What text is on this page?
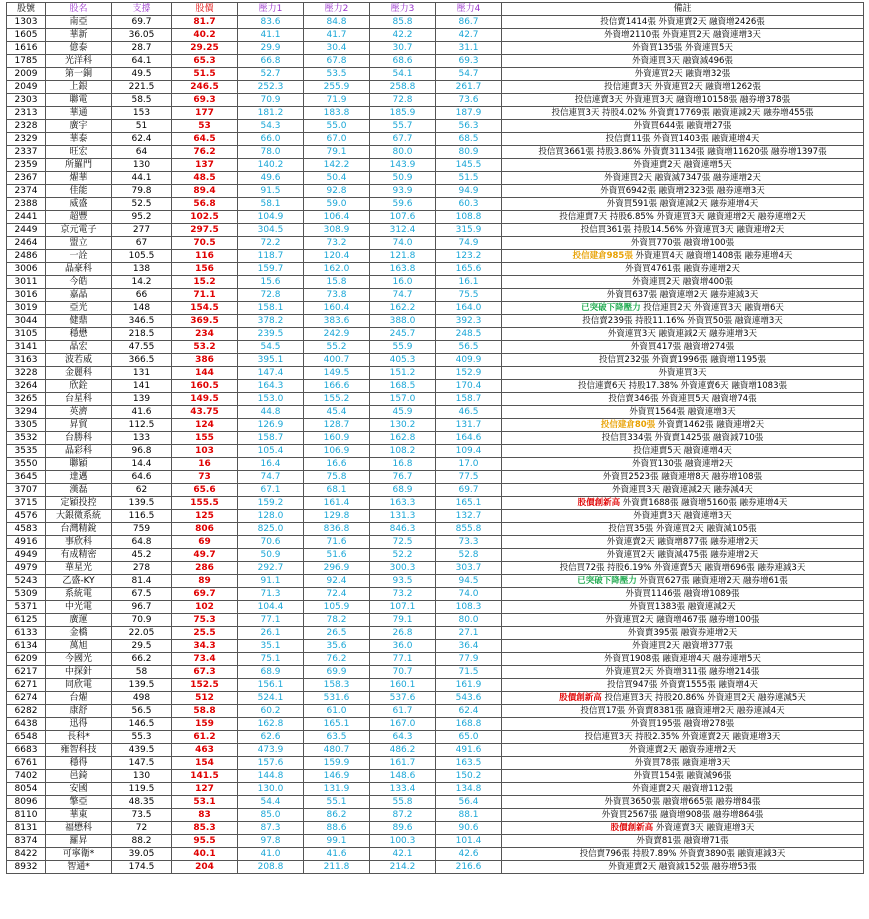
股號	股名	支撐	股價	壓力1	壓力2	壓力3	壓力4	備註
1303	南亞	69.7	81.7	83.6	84.8	85.8	86.7	投信賣1414張 外資連賣2天 融資增2426張
1605	華新	36.05	40.2	41.1	41.7	42.2	42.7	外資增2110張 外資連買2天 融資連增3天
1616	億泰	28.7	29.25	29.9	30.4	30.7	31.1	外資買135張 外資連買5天
1785	光洋科	64.1	65.3	66.8	67.8	68.6	69.3	外資連買3天 融資減496張
2009	第一銅	49.5	51.5	52.7	53.5	54.1	54.7	外資連買2天 融資增32張
2049	上銀	221.5	246.5	252.3	255.9	258.8	261.7	投信連賣3天 外資連買2天 融資增1262張
2303	聯電	58.5	69.3	70.9	71.9	72.8	73.6	投信連賣3天 外資連買3天 融資增10158張 融券增378張
2313	華通	153	177	181.2	183.8	185.9	187.9	投信連買3天 持股4.02% 外資賣17769張 融資連減2天 融券增455張
2328	廣宇	51	53	54.3	55.0	55.7	56.3	外資買644張 融資增27張
2329	華泰	62.4	64.5	66.0	67.0	67.7	68.5	投信賣11張 外資買1403張 融資連增4天
2337	旺宏	64	76.2	78.0	79.1	80.0	80.9	投信買3661張 持股3.86% 外資賣31134張 融資增11620張 融券增1397張
2359	所羅門	130	137	140.2	142.2	143.9	145.5	外資連賣2天 融資連增5天
2367	燿華	44.1	48.5	49.6	50.4	50.9	51.5	外資連買2天 融資減7347張 融券連增2天
2374	佳能	79.8	89.4	91.5	92.8	93.9	94.9	外資買6942張 融資增2323張 融券連增3天
2388	威盛	52.5	56.8	58.1	59.0	59.6	60.3	外資買591張 融資連減2天 融券連增4天
2441	超豐	95.2	102.5	104.9	106.4	107.6	108.8	投信連賣7天 持股6.85% 外資連買3天 融資連增2天 融券連增2天
2449	京元電子	277	297.5	304.5	308.9	312.4	315.9	投信買361張 持股14.56% 外資連買3天 融資連增2天
2464	盟立	67	70.5	72.2	73.2	74.0	74.9	外資買770張 融資增100張
2486	一詮	105.5	116	118.7	120.4	121.8	123.2	投信建倉985張 外資連買4天 融資增1408張 融券連增4天
3006	晶豪科	138	156	159.7	162.0	163.8	165.6	外資買4761張 融資券連增2天
3011	今皓	14.2	15.2	15.6	15.8	16.0	16.1	外資連買2天 融資增400張
3016	嘉晶	66	71.1	72.8	73.8	74.7	75.5	外資買637張 融資連增2天 融券連減3天
3019	亞光	148	154.5	158.1	160.4	162.2	164.0	已突破下降壓力 投信連買2天 外資連買3天 融資增6天
3044	健鼎	346.5	369.5	378.2	383.6	388.0	392.3	投信賣239張 持股11.16% 外資買50張 融資連增3天
3105	穩懋	218.5	234	239.5	242.9	245.7	248.5	外資連買3天 融資連減2天 融券連增3天
3141	晶宏	47.55	53.2	54.5	55.2	55.9	56.5	外資買417張 融資增274張
3163	波若威	366.5	386	395.1	400.7	405.3	409.9	投信買232張 外資賣1996張 融資增1195張
3228	金麗科	131	144	147.4	149.5	151.2	152.9	外資連買3天
3264	欣銓	141	160.5	164.3	166.6	168.5	170.4	投信連賣6天 持股17.38% 外資連賣6天 融資增1083張
3265	台星科	139	149.5	153.0	155.2	157.0	158.7	投信賣346張 外資連買5天 融資增74張
3294	英濟	41.6	43.75	44.8	45.4	45.9	46.5	外資買1564張 融資連增3天
3305	昇貿	112.5	124	126.9	128.7	130.2	131.7	投信建倉80張 外資賣1462張 融資連增2天
3532	台勝科	133	155	158.7	160.9	162.8	164.6	投信買334張 外資賣1425張 融資減710張
3535	晶彩科	96.8	103	105.4	106.9	108.2	109.4	投信連賣5天 融資連增4天
3550	聯穎	14.4	16	16.4	16.6	16.8	17.0	外資買130張 融資連增2天
3645	達邁	64.6	73	74.7	75.8	76.7	77.5	外資買2523張 融資連增8天 融券增108張
3707	漢磊	62	65.6	67.1	68.1	68.9	69.7	外資連買3天 融資連減2天 融券減4天
3715	定穎投控	139.5	155.5	159.2	161.4	163.3	165.1	股價創新高 外資賣1688張 融資增5160張 融券連增4天
4576	大銀微系統	116.5	125	128.0	129.8	131.3	132.7	外資連賣3天 融資連增3天
4583	台灣精銳	759	806	825.0	836.8	846.3	855.8	投信買35張 外資連買2天 融資減105張
4916	事欣科	64.8	69	70.6	71.6	72.5	73.3	外資連賣2天 融資增877張 融券連增2天
4949	有成精密	45.2	49.7	50.9	51.6	52.2	52.8	外資連買2天 融資減475張 融券連增2天
4979	華星光	278	286	292.7	296.9	300.3	303.7	投信買72張 持股6.19% 外資連賣5天 融資增696張 融券連減3天
5243	乙盛-KY	81.4	89	91.1	92.4	93.5	94.5	已突破下降壓力 外資買627張 融資連增2天 融券增61張
5309	系統電	67.5	69.7	71.3	72.4	73.2	74.0	外資買1146張 融資增1089張
5371	中光電	96.7	102	104.4	105.9	107.1	108.3	外資買1383張 融資連減2天
6125	廣運	70.9	75.3	77.1	78.2	79.1	80.0	外資連買2天 融資增467張 融券增100張
6133	金橋	22.05	25.5	26.1	26.5	26.8	27.1	外資賣395張 融資券連增2天
6134	萬旭	29.5	34.3	35.1	35.6	36.0	36.4	外資連買2天 融資增377張
6209	今國光	66.2	73.4	75.1	76.2	77.1	77.9	外資買1908張 融資連增4天 融券連增5天
6217	中探針	58	67.3	68.9	69.9	70.7	71.5	外資連買2天 外資增311張 融券增214張
6271	同欣電	139.5	152.5	156.1	158.3	160.1	161.9	投信買947張 外資賣1555張 融資增4天
6274	台燿	498	512	524.1	531.6	537.6	543.6	股價創新高 投信連買3天 持股20.86% 外資連買2天 融券連減5天
6282	康舒	56.5	58.8	60.2	61.0	61.7	62.4	投信買17張 外資賣8381張 融資連增2天 融券連減4天
6438	迅得	146.5	159	162.8	165.1	167.0	168.8	外資買195張 融資增278張
6548	長科*	55.3	61.2	62.6	63.5	64.3	65.0	投信連買3天 持股2.35% 外資連賣2天 融資連增3天
6683	雍智科技	439.5	463	473.9	480.7	486.2	491.6	外資連賣2天 融資券連增2天
6761	穩得	147.5	154	157.6	159.9	161.7	163.5	外資買78張 融資連增3天
7402	邑錡	130	141.5	144.8	146.9	148.6	150.2	外資買154張 融資減96張
8054	安國	119.5	127	130.0	131.9	133.4	134.8	外資連賣2天 融資增112張
8096	擎亞	48.35	53.1	54.4	55.1	55.8	56.4	外資買3650張 融資增665張 融券增84張
8110	華東	73.5	83	85.0	86.2	87.2	88.1	外資買2567張 融資增908張 融券增864張
8131	福懋科	72	85.3	87.3	88.6	89.6	90.6	股價創新高 外資連賣3天 融資連增3天
8374	羅昇	88.2	95.5	97.8	99.1	100.3	101.4	外資賣81張 融資增71張
8422	可寧衛*	39.05	40.1	41.0	41.6	42.1	42.6	投信賣796張 持股7.89% 外資賣3890張 融資連減3天
8932	智通*	174.5	204	208.8	211.8	214.2	216.6	外資連賣2天 融資減152張 融券增53張
